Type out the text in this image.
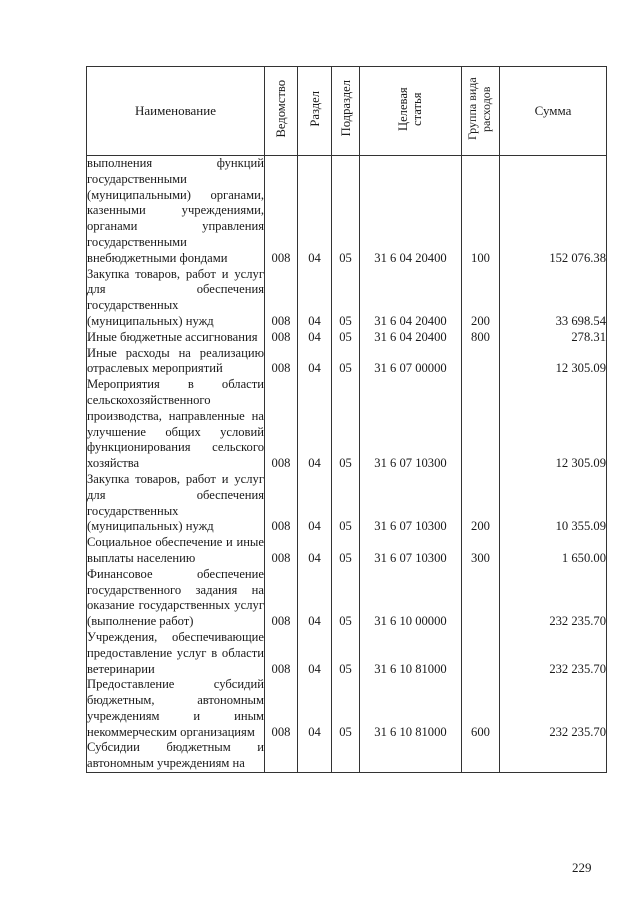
Наименование	Ведомство	Раздел	Подраздел	Целевая статья	Группа вида расходов	Сумма

выполнения функций государственными (муниципальными) органами, казенными учреждениями, органами управления государственными внебюджетными фондами	008	04	05	31 6 04 20400	100	152 076.38

Закупка товаров, работ и услуг для обеспечения государственных (муниципальных) нужд	008	04	05	31 6 04 20400	200	33 698.54

Иные бюджетные ассигнования	008	04	05	31 6 04 20400	800	278.31

Иные расходы на реализацию отраслевых мероприятий	008	04	05	31 6 07 00000		12 305.09

Мероприятия в области сельскохозяйственного производства, направленные на улучшение общих условий функционирования сельского хозяйства	008	04	05	31 6 07 10300		12 305.09

Закупка товаров, работ и услуг для обеспечения государственных (муниципальных) нужд	008	04	05	31 6 07 10300	200	10 355.09

Социальное обеспечение и иные выплаты населению	008	04	05	31 6 07 10300	300	1 650.00

Финансовое обеспечение государственного задания на оказание государственных услуг (выполнение работ)	008	04	05	31 6 10 00000		232 235.70

Учреждения, обеспечивающие предоставление услуг в области ветеринарии	008	04	05	31 6 10 81000		232 235.70

Предоставление субсидий бюджетным, автономным учреждениям и иным некоммерческим организациям	008	04	05	31 6 10 81000	600	232 235.70

Субсидии бюджетным и автономным учреждениям на						

229
